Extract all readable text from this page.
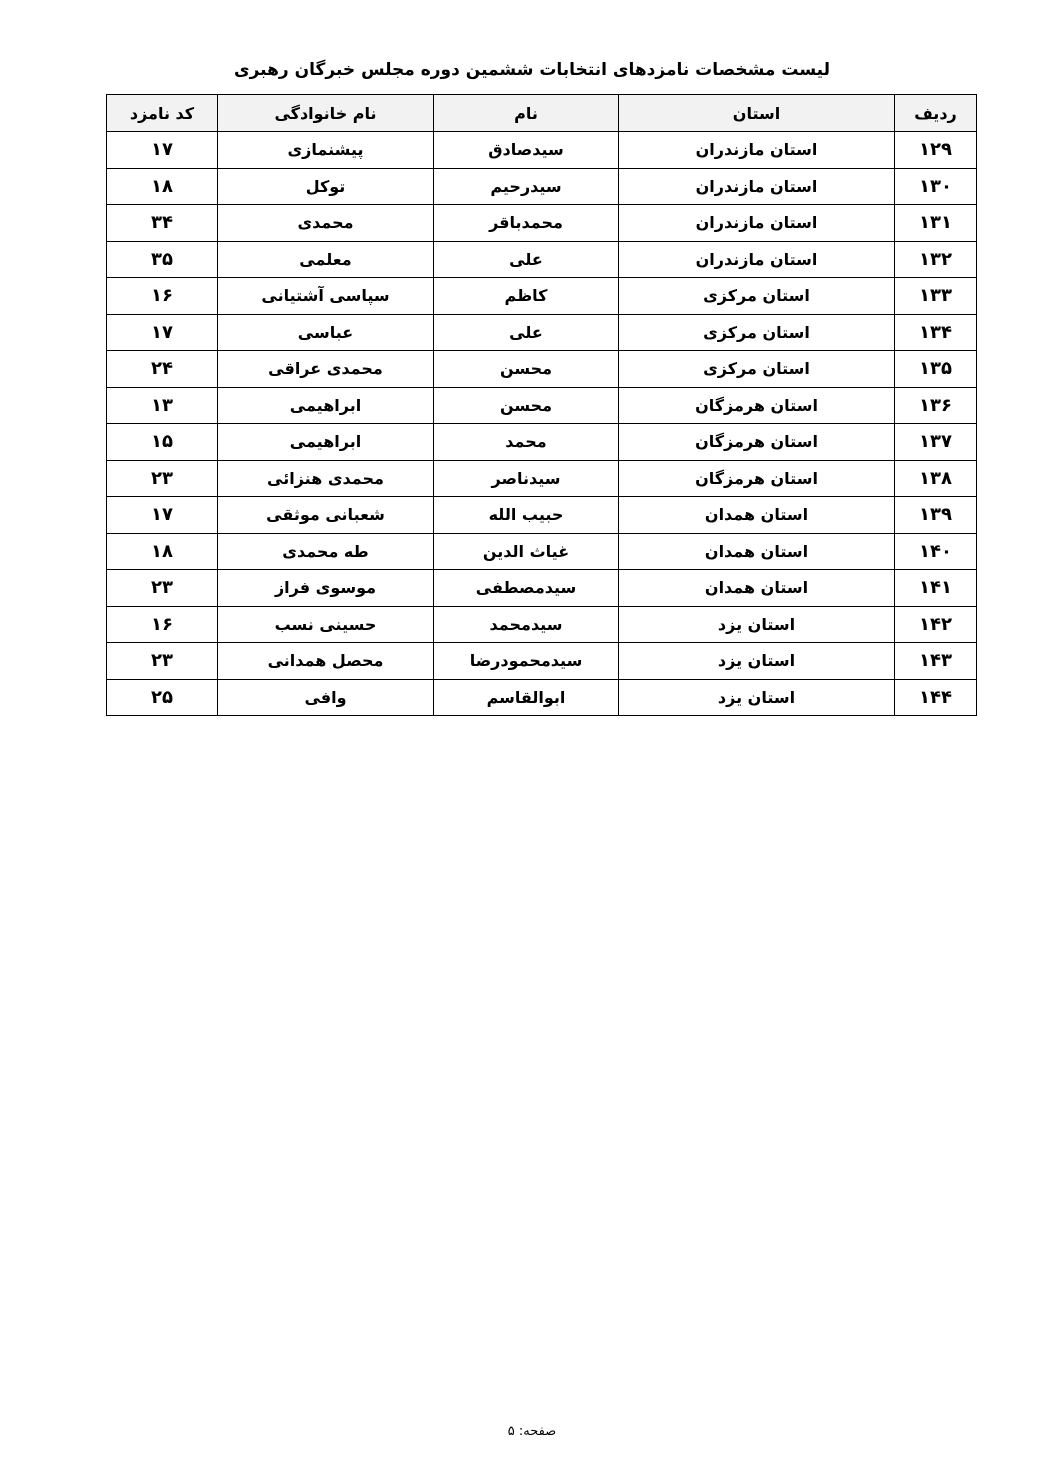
لیست مشخصات نامزدهای انتخابات ششمین دوره مجلس خبرگان رهبری
ردیف	استان	نام	نام خانوادگی	کد نامزد
۱۲۹	استان مازندران	سیدصادق	پیشنمازی	۱۷
۱۳۰	استان مازندران	سیدرحیم	توکل	۱۸
۱۳۱	استان مازندران	محمدباقر	محمدی	۳۴
۱۳۲	استان مازندران	علی	معلمی	۳۵
۱۳۳	استان مرکزی	کاظم	سپاسی آشتیانی	۱۶
۱۳۴	استان مرکزی	علی	عباسی	۱۷
۱۳۵	استان مرکزی	محسن	محمدی عراقی	۲۴
۱۳۶	استان هرمزگان	محسن	ابراهیمی	۱۳
۱۳۷	استان هرمزگان	محمد	ابراهیمی	۱۵
۱۳۸	استان هرمزگان	سیدناصر	محمدی هنزائی	۲۳
۱۳۹	استان همدان	حبیب الله	شعبانی موثقی	۱۷
۱۴۰	استان همدان	غیاث الدین	طه محمدی	۱۸
۱۴۱	استان همدان	سیدمصطفی	موسوی فراز	۲۳
۱۴۲	استان یزد	سیدمحمد	حسینی نسب	۱۶
۱۴۳	استان یزد	سیدمحمودرضا	محصل همدانی	۲۳
۱۴۴	استان یزد	ابوالقاسم	وافی	۲۵
صفحه: ۵
